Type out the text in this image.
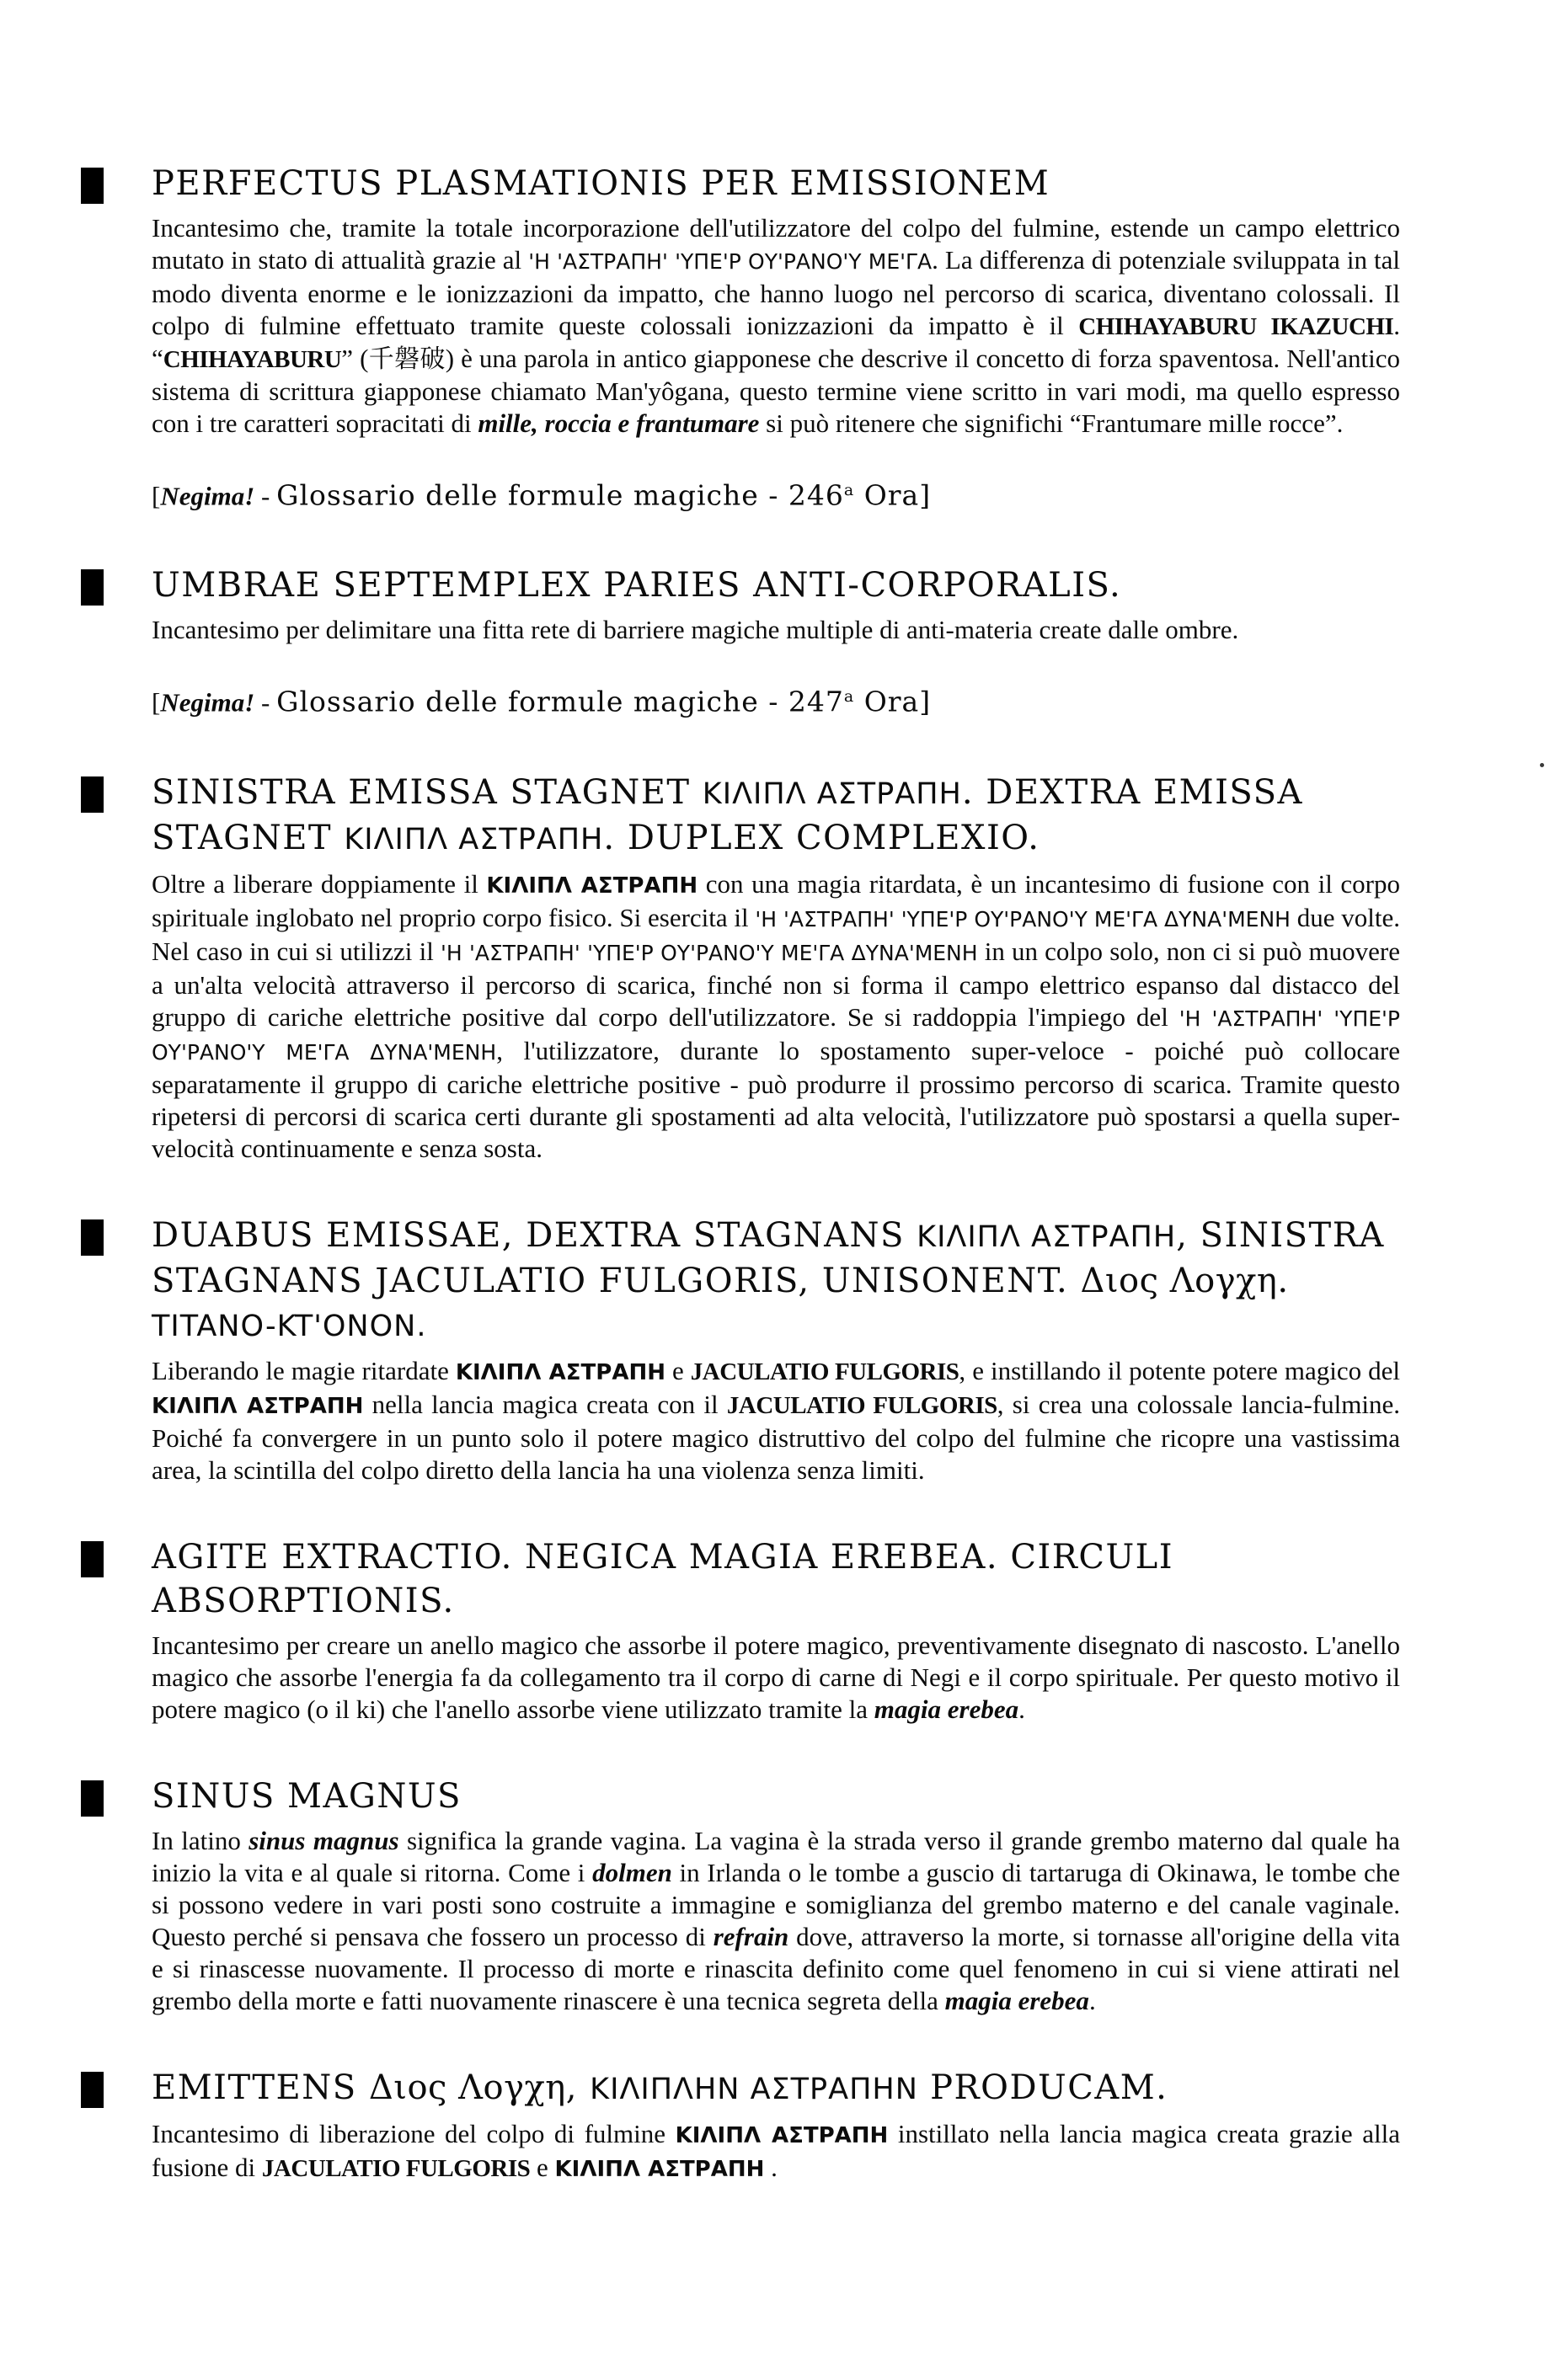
PERFECTUS PLASMATIONIS PER EMISSIONEM

Incantesimo che, tramite la totale incorporazione dell'utilizzatore del colpo del fulmine, estende un campo elettrico mutato in stato di attualità grazie al 'Η 'ΑΣΤΡΑΠΗ' 'ΥΠΕ'Ρ ΟΥ'ΡΑΝΟ'Υ ΜΕ'ΓΑ. La differenza di potenziale sviluppata in tal modo diventa enorme e le ionizzazioni da impatto, che hanno luogo nel percorso di scarica, diventano colossali. Il colpo di fulmine effettuato tramite queste colossali ionizzazioni da impatto è il CHIHAYABURU IKAZUCHI. “CHIHAYABURU” (千磐破) è una parola in antico giapponese che descrive il concetto di forza spaventosa. Nell'antico sistema di scrittura giapponese chiamato Man'yôgana, questo termine viene scritto in vari modi, ma quello espresso con i tre caratteri sopracitati di mille, roccia e frantumare si può ritenere che significhi “Frantumare mille rocce”.

[Negima! - Glossario delle formule magiche - 246$^a$ Ora]

UMBRAE SEPTEMPLEX PARIES ANTI-CORPORALIS.

Incantesimo per delimitare una fitta rete di barriere magiche multiple di anti-materia create dalle ombre.

[Negima! - Glossario delle formule magiche - 247$^a$ Ora]

SINISTRA EMISSA STAGNET ΚΙΛΙΠΛ ΑΣΤΡΑΠΗ. DEXTRA EMISSA STAGNET ΚΙΛΙΠΛ ΑΣΤΡΑΠΗ. DUPLEX COMPLEXIO.

Oltre a liberare doppiamente il ΚΙΛΙΠΛ ΑΣΤΡΑΠΗ con una magia ritardata, è un incantesimo di fusione con il corpo spirituale inglobato nel proprio corpo fisico. Si esercita il 'Η 'ΑΣΤΡΑΠΗ' 'ΥΠΕ'Ρ ΟΥ'ΡΑΝΟ'Υ ΜΕ'ΓΑ ΔΥΝΑ'ΜΕΝΗ due volte. Nel caso in cui si utilizzi il 'Η 'ΑΣΤΡΑΠΗ' 'ΥΠΕ'Ρ ΟΥ'ΡΑΝΟ'Υ ΜΕ'ΓΑ ΔΥΝΑ'ΜΕΝΗ in un colpo solo, non ci si può muovere a un'alta velocità attraverso il percorso di scarica, finché non si forma il campo elettrico espanso dal distacco del gruppo di cariche elettriche positive dal corpo dell'utilizzatore. Se si raddoppia l'impiego del 'Η 'ΑΣΤΡΑΠΗ' 'ΥΠΕ'Ρ ΟΥ'ΡΑΝΟ'Υ ΜΕ'ΓΑ ΔΥΝΑ'ΜΕΝΗ, l'utilizzatore, durante lo spostamento super-veloce - poiché può collocare separatamente il gruppo di cariche elettriche positive - può produrre il prossimo percorso di scarica. Tramite questo ripetersi di percorsi di scarica certi durante gli spostamenti ad alta velocità, l'utilizzatore può spostarsi a quella super-velocità continuamente e senza sosta.

DUABUS EMISSAE, DEXTRA STAGNANS ΚΙΛΙΠΛ ΑΣΤΡΑΠΗ, SINISTRA STAGNANS JACULATIO FULGORIS, UNISONENT. Διος Λογχη.
TITANO-KT'ONON.

Liberando le magie ritardate ΚΙΛΙΠΛ ΑΣΤΡΑΠΗ e JACULATIO FULGORIS, e instillando il potente potere magico del ΚΙΛΙΠΛ ΑΣΤΡΑΠΗ nella lancia magica creata con il JACULATIO FULGORIS, si crea una colossale lancia-fulmine. Poiché fa convergere in un punto solo il potere magico distruttivo del colpo del fulmine che ricopre una vastissima area, la scintilla del colpo diretto della lancia ha una violenza senza limiti.

AGITE EXTRACTIO. NEGICA MAGIA EREBEA. CIRCULI ABSORPTIONIS.

Incantesimo per creare un anello magico che assorbe il potere magico, preventivamente disegnato di nascosto. L'anello magico che assorbe l'energia fa da collegamento tra il corpo di carne di Negi e il corpo spirituale. Per questo motivo il potere magico (o il ki) che l'anello assorbe viene utilizzato tramite la magia erebea.

SINUS MAGNUS

In latino sinus magnus significa la grande vagina. La vagina è la strada verso il grande grembo materno dal quale ha inizio la vita e al quale si ritorna. Come i dolmen in Irlanda o le tombe a guscio di tartaruga di Okinawa, le tombe che si possono vedere in vari posti sono costruite a immagine e somiglianza del grembo materno e del canale vaginale. Questo perché si pensava che fossero un processo di refrain dove, attraverso la morte, si tornasse all'origine della vita e si rinascesse nuovamente. Il processo di morte e rinascita definito come quel fenomeno in cui si viene attirati nel grembo della morte e fatti nuovamente rinascere è una tecnica segreta della magia erebea.

EMITTENS Διος Λογχη, ΚΙΛΙΠΛΗΝ ΑΣΤΡΑΠΗΝ PRODUCAM.

Incantesimo di liberazione del colpo di fulmine ΚΙΛΙΠΛ ΑΣΤΡΑΠΗ instillato nella lancia magica creata grazie alla fusione di JACULATIO FULGORIS e ΚΙΛΙΠΛ ΑΣΤΡΑΠΗ .
